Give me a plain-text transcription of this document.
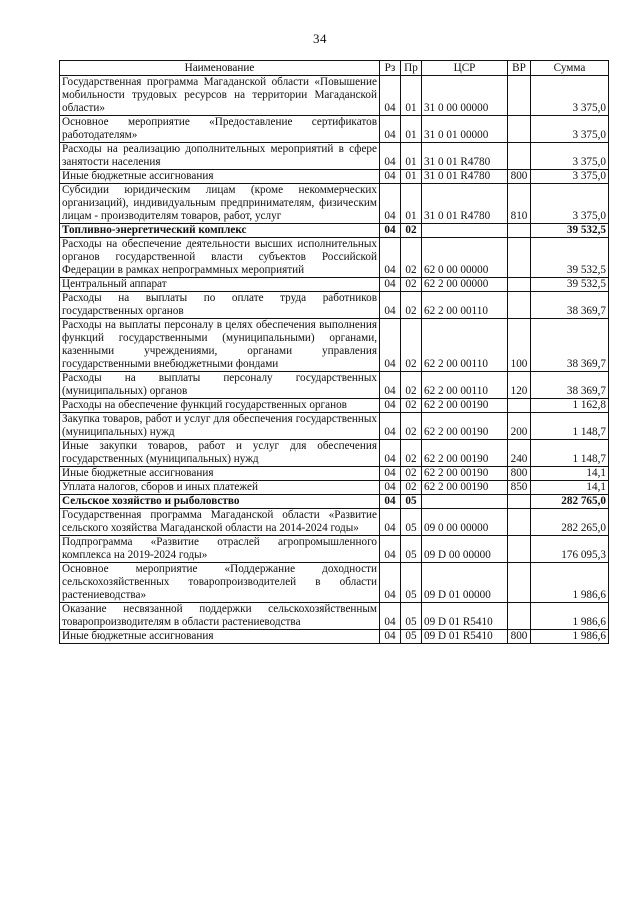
34
Наименование	Рз	Пр	ЦСР	ВР	Сумма
Государственная программа Магаданской области «Повышение мобильности трудовых ресурсов на территории Магаданской области»	04	01	31 0 00 00000		3 375,0
Основное мероприятие «Предоставление сертификатов работодателям»	04	01	31 0 01 00000		3 375,0
Расходы на реализацию дополнительных мероприятий в сфере занятости населения	04	01	31 0 01 R4780		3 375,0
Иные бюджетные ассигнования	04	01	31 0 01 R4780	800	3 375,0
Субсидии юридическим лицам (кроме некоммерческих организаций), индивидуальным предпринимателям, физическим лицам - производителям товаров, работ, услуг	04	01	31 0 01 R4780	810	3 375,0
Топливно-энергетический комплекс	04	02			39 532,5
Расходы на обеспечение деятельности высших исполнительных органов государственной власти субъектов Российской Федерации в рамках непрограммных мероприятий	04	02	62 0 00 00000		39 532,5
Центральный аппарат	04	02	62 2 00 00000		39 532,5
Расходы на выплаты по оплате труда работников государственных органов	04	02	62 2 00 00110		38 369,7
Расходы на выплаты персоналу в целях обеспечения выполнения функций государственными (муниципальными) органами, казенными учреждениями, органами управления государственными внебюджетными фондами	04	02	62 2 00 00110	100	38 369,7
Расходы на выплаты персоналу государственных (муниципальных) органов	04	02	62 2 00 00110	120	38 369,7
Расходы на обеспечение функций государственных органов	04	02	62 2 00 00190		1 162,8
Закупка товаров, работ и услуг для обеспечения государственных (муниципальных) нужд	04	02	62 2 00 00190	200	1 148,7
Иные закупки товаров, работ и услуг для обеспечения государственных (муниципальных) нужд	04	02	62 2 00 00190	240	1 148,7
Иные бюджетные ассигнования	04	02	62 2 00 00190	800	14,1
Уплата налогов, сборов и иных платежей	04	02	62 2 00 00190	850	14,1
Сельское хозяйство и рыболовство	04	05			282 765,0
Государственная программа Магаданской области «Развитие сельского хозяйства Магаданской области на 2014-2024 годы»	04	05	09 0 00 00000		282 265,0
Подпрограмма «Развитие отраслей агропромышленного комплекса на 2019-2024 годы»	04	05	09 D 00 00000		176 095,3
Основное мероприятие «Поддержание доходности сельскохозяйственных товаропроизводителей в области растениеводства»	04	05	09 D 01 00000		1 986,6
Оказание несвязанной поддержки сельскохозяйственным товаропроизводителям в области растениеводства	04	05	09 D 01 R5410		1 986,6
Иные бюджетные ассигнования	04	05	09 D 01 R5410	800	1 986,6
